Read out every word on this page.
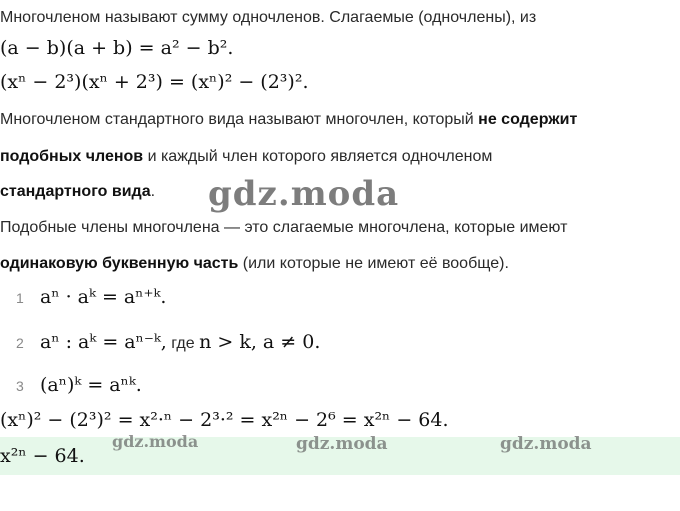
Многочленом называют сумму одночленов. Слагаемые (одночлены), из
(a − b)(a + b) = a² − b².
(xⁿ − 2³)(xⁿ + 2³) = (xⁿ)² − (2³)².
Многочленом стандартного вида называют многочлен, который не содержит
подобных членов и каждый член которого является одночленом
стандартного вида. gdz.moda
Подобные члены многочлена — это слагаемые многочлена, которые имеют
одинаковую буквенную часть (или которые не имеют её вообще).
1 aⁿ · aᵏ = aⁿ⁺ᵏ.
2 aⁿ : aᵏ = aⁿ⁻ᵏ, где n > k, a ≠ 0.
3 (aⁿ)ᵏ = aⁿᵏ.
(xⁿ)² − (2³)² = x²·ⁿ − 2³·² = x²ⁿ − 2⁶ = x²ⁿ − 64.
x²ⁿ − 64.
gdz.moda	gdz.moda	gdz.moda
